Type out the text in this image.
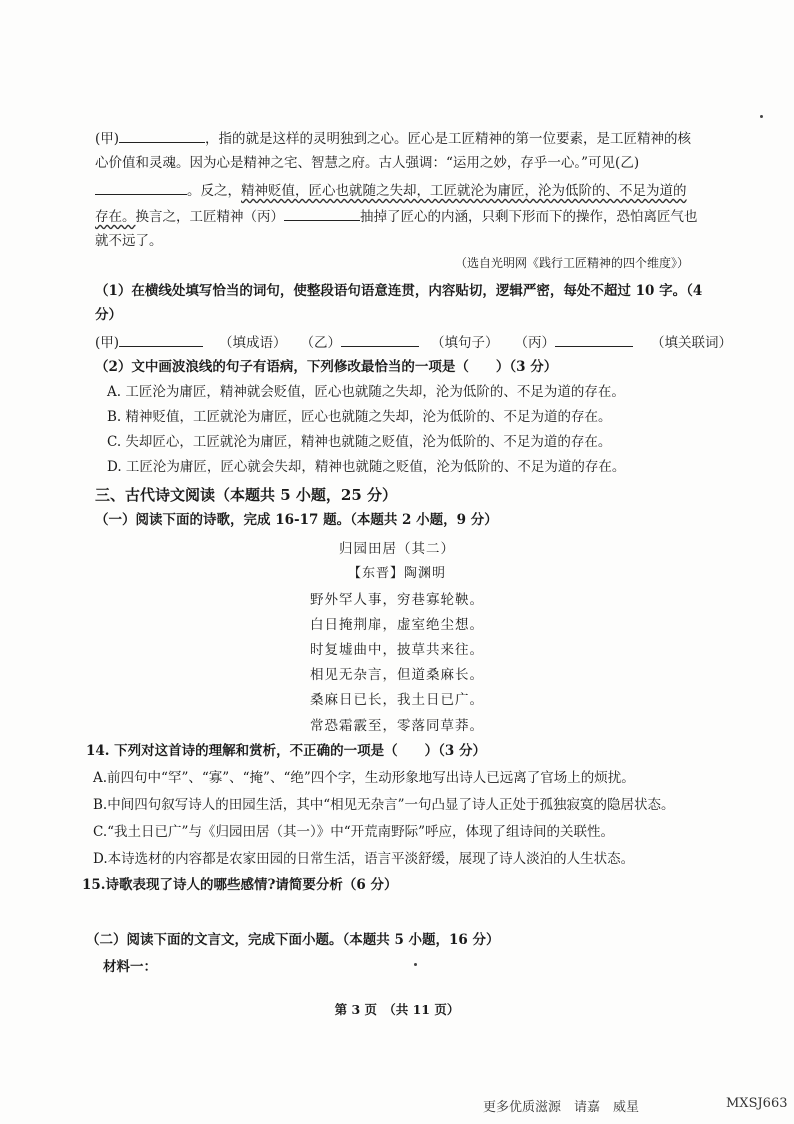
(甲)	，指的就是这样的灵明独到之心。匠心是工匠精神的第一位要素，是工匠精神的核
心价值和灵魂。因为心是精神之宅、智慧之府。古人强调：“运用之妙，存乎一心。”可见(乙)
。反之，精神贬值，匠心也就随之失却，工匠就沦为庸匠，沦为低阶的、不足为道的
存在。换言之，工匠精神（丙）	抽掉了匠心的内涵，只剩下形而下的操作，恐怕离匠气也
就不远了。
（选自光明网《践行工匠精神的四个维度》）
（1）在横线处填写恰当的词句，使整段语句语意连贯，内容贴切，逻辑严密，每处不超过 10 字。（4
分）
(甲)	（填成语） （乙）	（填句子） （丙）	（填关联词）
（2）文中画波浪线的句子有语病，下列修改最恰当的一项是（　　）（3 分）
A. 工匠沦为庸匠，精神就会贬值，匠心也就随之失却，沦为低阶的、不足为道的存在。
B. 精神贬值，工匠就沦为庸匠，匠心也就随之失却，沦为低阶的、不足为道的存在。
C. 失却匠心，工匠就沦为庸匠，精神也就随之贬值，沦为低阶的、不足为道的存在。
D. 工匠沦为庸匠，匠心就会失却，精神也就随之贬值，沦为低阶的、不足为道的存在。
三、古代诗文阅读（本题共 5 小题，25 分）
（一）阅读下面的诗歌，完成 16-17 题。（本题共 2 小题，9 分）
归园田居（其二）
【东晋】陶渊明
野外罕人事，穷巷寡轮鞅。
白日掩荆扉，虚室绝尘想。
时复墟曲中，披草共来往。
相见无杂言，但道桑麻长。
桑麻日已长，我土日已广。
常恐霜霰至，零落同草莽。
14. 下列对这首诗的理解和赏析，不正确的一项是（　　）（3 分）
A.前四句中“罕”、“寡”、“掩”、“绝”四个字，生动形象地写出诗人已远离了官场上的烦扰。
B.中间四句叙写诗人的田园生活，其中“相见无杂言”一句凸显了诗人正处于孤独寂寞的隐居状态。
C.“我土日已广”与《归园田居（其一）》中“开荒南野际”呼应，体现了组诗间的关联性。
D.本诗选材的内容都是农家田园的日常生活，语言平淡舒缓，展现了诗人淡泊的人生状态。
15.诗歌表现了诗人的哪些感情?请简要分析（6 分）
（二）阅读下面的文言文，完成下面小题。（本题共 5 小题，16 分）
材料一：
第 3 页　（共 11 页）
更多优质滋源　请嘉　威星	MXSJ663
